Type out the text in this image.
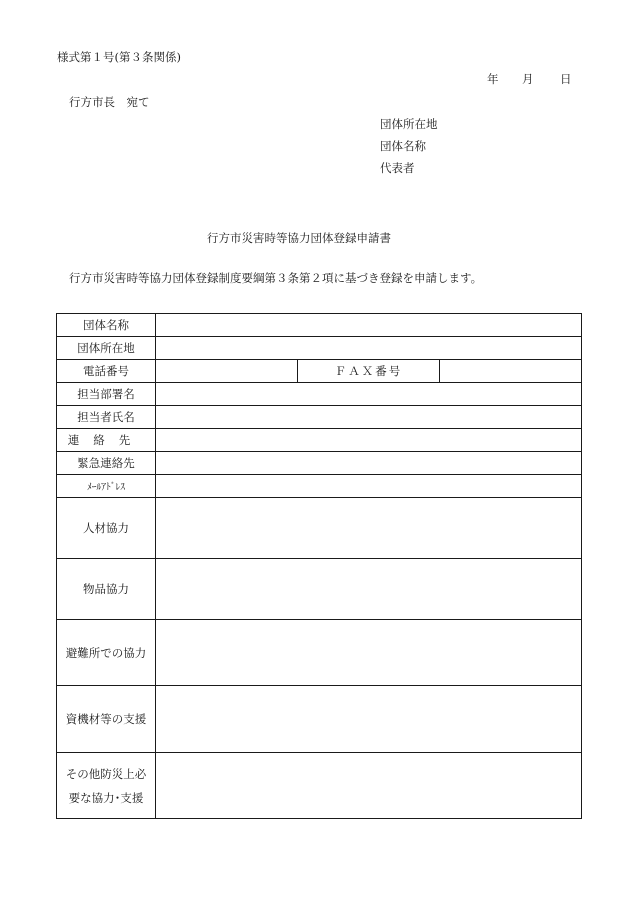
様式第１号(第３条関係)
年 月 日
行方市長　宛て
団体所在地
団体名称
代表者
行方市災害時等協力団体登録申請書
行方市災害時等協力団体登録制度要綱第３条第２項に基づき登録を申請します。
団体名称			
団体所在地			
電話番号		ＦＡＸ番号	
担当部署名			
担当者氏名			
連絡先			
緊急連絡先			
ﾒｰﾙｱﾄﾞﾚｽ			
人材協力			
物品協力			
避難所での協力			
資機材等の支援			

その他防災上必
要な協力･支援			
